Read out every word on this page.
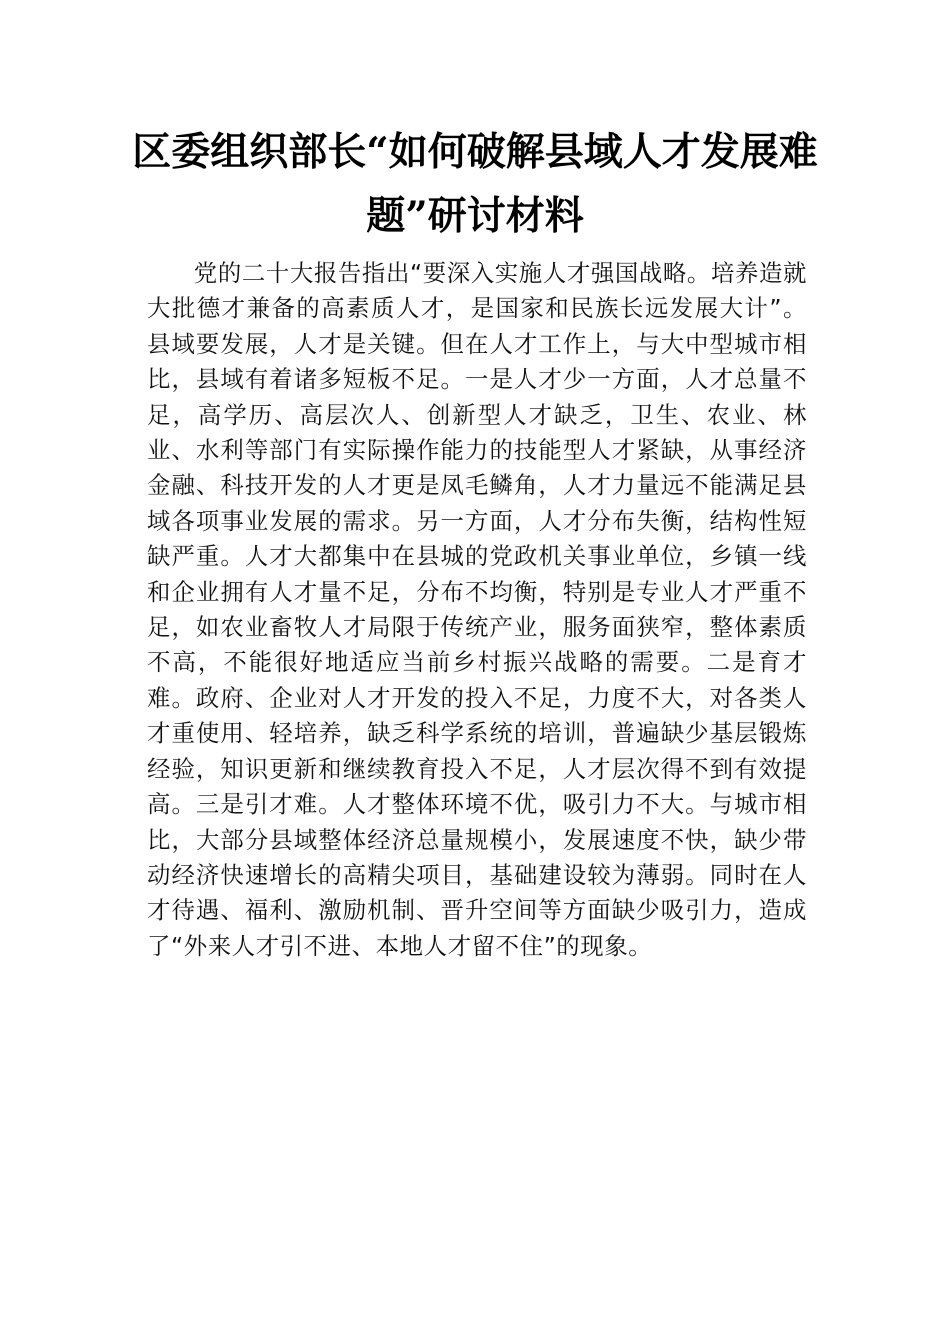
区委组织部长“如何破解县域人才发展难题”研讨材料

党的二十大报告指出“要深入实施人才强国战略。培养造就大批德才兼备的高素质人才，是国家和民族长远发展大计”。县域要发展，人才是关键。但在人才工作上，与大中型城市相比，县域有着诸多短板不足。一是人才少一方面，人才总量不足，高学历、高层次人、创新型人才缺乏，卫生、农业、林业、水利等部门有实际操作能力的技能型人才紧缺，从事经济金融、科技开发的人才更是凤毛鳞角，人才力量远不能满足县域各项事业发展的需求。另一方面，人才分布失衡，结构性短缺严重。人才大都集中在县城的党政机关事业单位，乡镇一线和企业拥有人才量不足，分布不均衡，特别是专业人才严重不足，如农业畜牧人才局限于传统产业，服务面狭窄，整体素质不高，不能很好地适应当前乡村振兴战略的需要。二是育才难。政府、企业对人才开发的投入不足，力度不大，对各类人才重使用、轻培养，缺乏科学系统的培训，普遍缺少基层锻炼经验，知识更新和继续教育投入不足，人才层次得不到有效提高。三是引才难。人才整体环境不优，吸引力不大。与城市相比，大部分县域整体经济总量规模小，发展速度不快，缺少带动经济快速增长的高精尖项目，基础建设较为薄弱。同时在人才待遇、福利、激励机制、晋升空间等方面缺少吸引力，造成了“外来人才引不进、本地人才留不住”的现象。
